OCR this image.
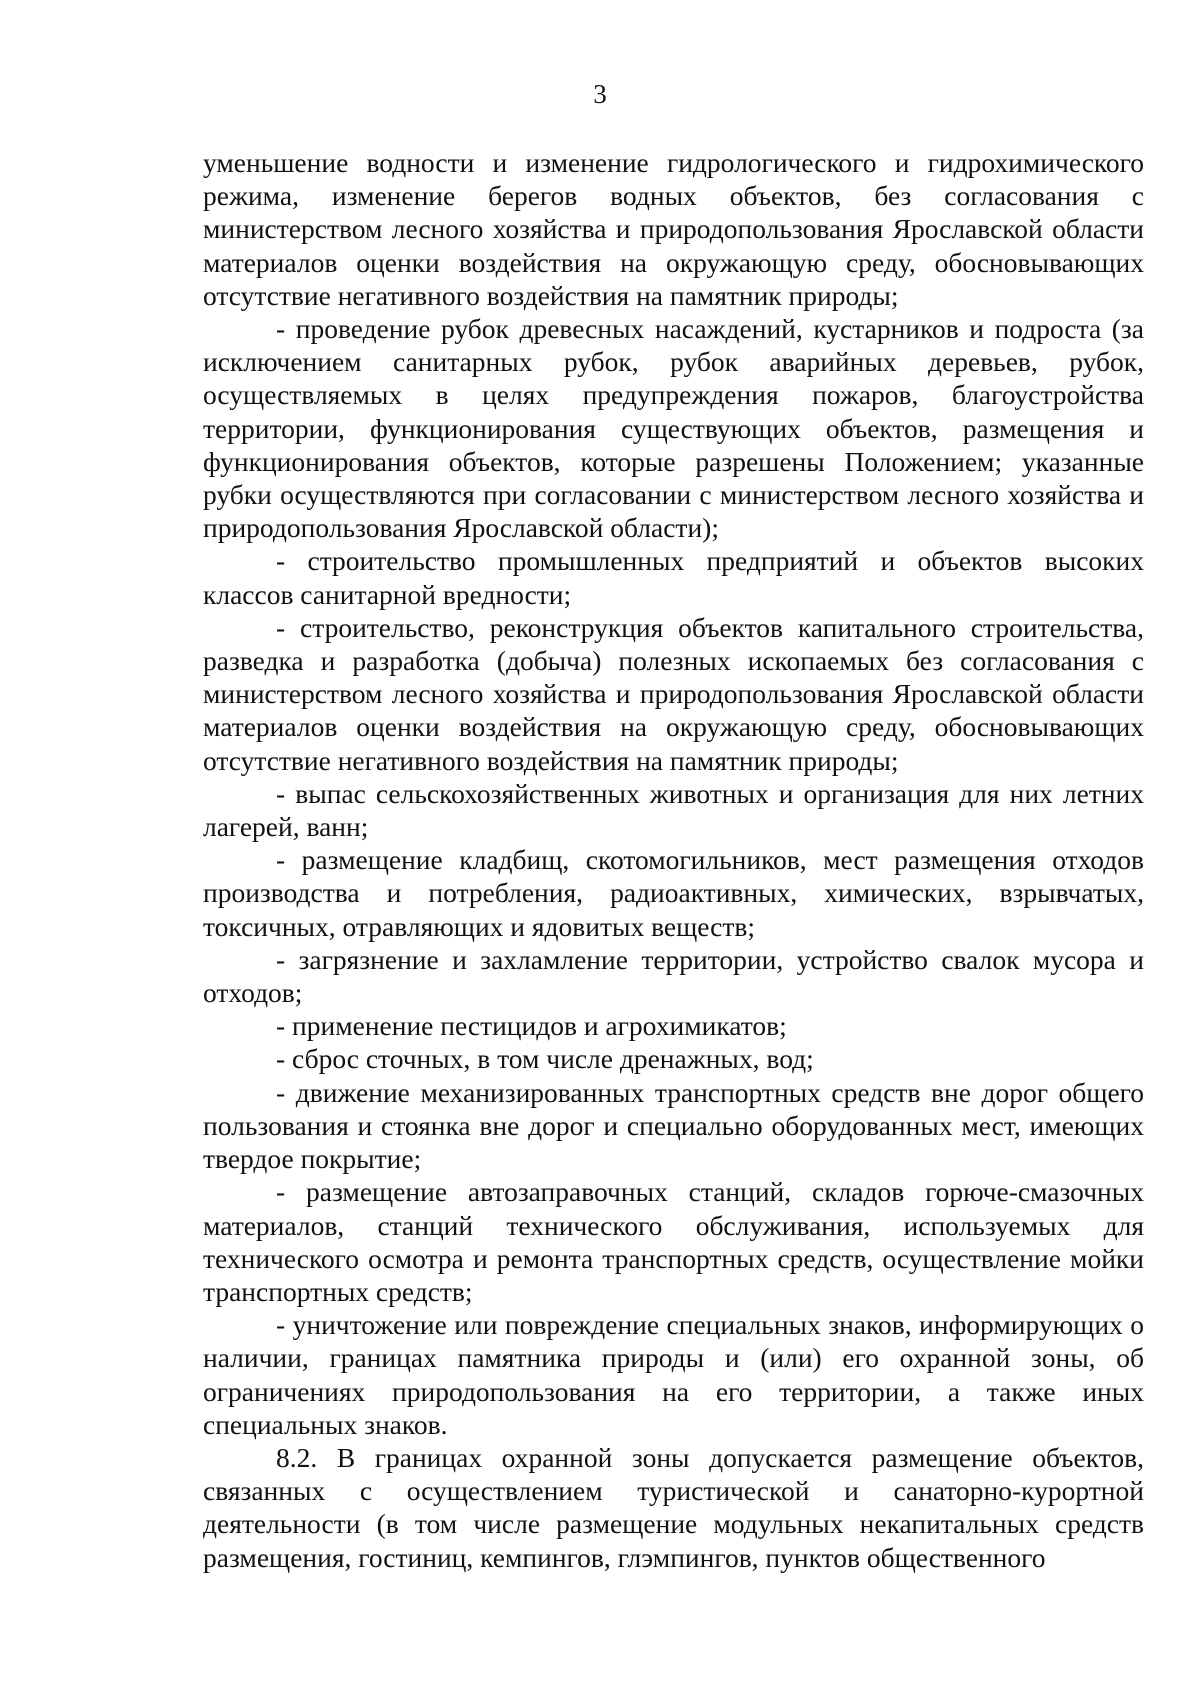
3

уменьшение водности и изменение гидрологического и гидрохимического режима, изменение берегов водных объектов, без согласования с министерством лесного хозяйства и природопользования Ярославской области материалов оценки воздействия на окружающую среду, обосновывающих отсутствие негативного воздействия на памятник природы;

- проведение рубок древесных насаждений, кустарников и подроста (за исключением санитарных рубок, рубок аварийных деревьев, рубок, осуществляемых в целях предупреждения пожаров, благоустройства территории, функционирования существующих объектов, размещения и функционирования объектов, которые разрешены Положением; указанные рубки осуществляются при согласовании с министерством лесного хозяйства и природопользования Ярославской области);

- строительство промышленных предприятий и объектов высоких классов санитарной вредности;

- строительство, реконструкция объектов капитального строительства, разведка и разработка (добыча) полезных ископаемых без согласования с министерством лесного хозяйства и природопользования Ярославской области материалов оценки воздействия на окружающую среду, обосновывающих отсутствие негативного воздействия на памятник природы;

- выпас сельскохозяйственных животных и организация для них летних лагерей, ванн;

- размещение кладбищ, скотомогильников, мест размещения отходов производства и потребления, радиоактивных, химических, взрывчатых, токсичных, отравляющих и ядовитых веществ;

- загрязнение и захламление территории, устройство свалок мусора и отходов;

- применение пестицидов и агрохимикатов;

- сброс сточных, в том числе дренажных, вод;

- движение механизированных транспортных средств вне дорог общего пользования и стоянка вне дорог и специально оборудованных мест, имеющих твердое покрытие;

- размещение автозаправочных станций, складов горюче-смазочных материалов, станций технического обслуживания, используемых для технического осмотра и ремонта транспортных средств, осуществление мойки транспортных средств;

- уничтожение или повреждение специальных знаков, информирующих о наличии, границах памятника природы и (или) его охранной зоны, об ограничениях природопользования на его территории, а также иных специальных знаков.

8.2. В границах охранной зоны допускается размещение объектов, связанных с осуществлением туристической и санаторно-курортной деятельности (в том числе размещение модульных некапитальных средств размещения, гостиниц, кемпингов, глэмпингов, пунктов общественного
